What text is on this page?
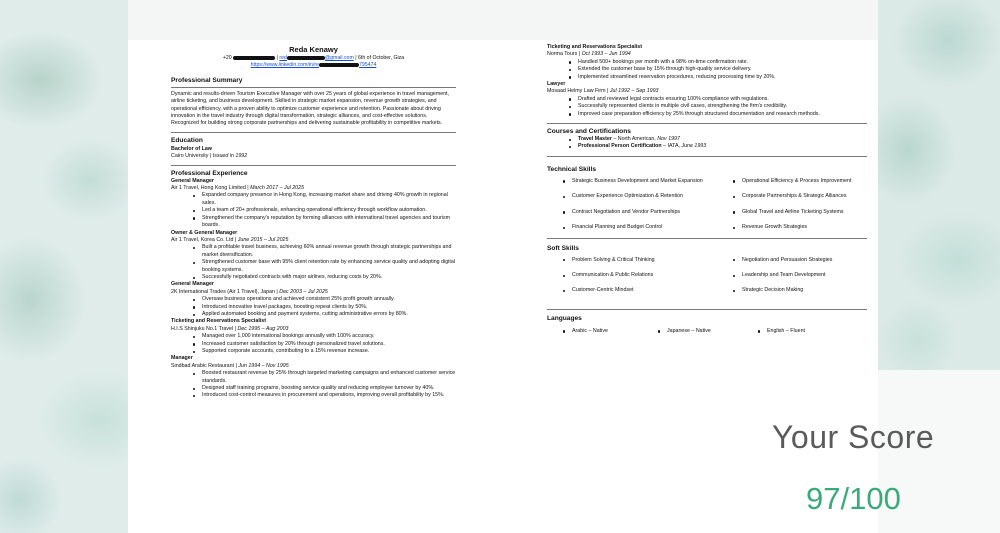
Reda Kenawy
+20	| red	@gmail.com | 6th of October, Giza
https://www.linkedin.com/in/re	795474
Professional Summary
Dynamic and results-driven Tourism Executive Manager with over 25 years of global experience in travel management, airline ticketing, and business development. Skilled in strategic market expansion, revenue growth strategies, and operational efficiency, with a proven ability to optimize customer experience and retention. Passionate about driving innovation in the travel industry through digital transformation, strategic alliances, and cost-effective solutions. Recognized for building strong corporate partnerships and delivering sustainable profitability in competitive markets.
Education
Bachelor of Law
Cairo University | Issued in 1992
Professional Experience
General Manager
Air 1 Travel, Hong Kong Limited | March 2017 – Jul 2025
Expanded company presence in Hong Kong, increasing market share and driving 40% growth in regional sales.
Led a team of 20+ professionals, enhancing operational efficiency through workflow automation.
Strengthened the company's reputation by forming alliances with international travel agencies and tourism boards.
Owner & General Manager
Air 1 Travel, Korea Co. Ltd | June 2015 – Jul 2025
Built a profitable travel business, achieving 60% annual revenue growth through strategic partnerships and market diversification.
Strengthened customer base with 95% client retention rate by enhancing service quality and adopting digital booking systems.
Successfully negotiated contracts with major airlines, reducing costs by 20%.
General Manager
2K International Trades (Air 1 Travel), Japan | Dec 2003 – Jul 2025
Oversaw business operations and achieved consistent 25% profit growth annually.
Introduced innovative travel packages, boosting repeat clients by 50%.
Applied automated booking and payment systems, cutting administrative errors by 80%.
Ticketing and Reservations Specialist
H.I.S Shinjuku No.1 Travel | Dec 1995 – Aug 2003
Managed over 1,000 international bookings annually with 100% accuracy.
Increased customer satisfaction by 20% through personalized travel solutions.
Supported corporate accounts, contributing to a 15% revenue increase.
Manager
Sindbad Arabic Restaurant | Jun 1994 – Nov 1995
Boosted restaurant revenue by 25% through targeted marketing campaigns and enhanced customer service standards.
Designed staff training programs, boosting service quality and reducing employee turnover by 40%.
Introduced cost-control measures in procurement and operations, improving overall profitability by 15%.
Ticketing and Reservations Specialist
Norma Tours | Oct 1993 – Jun 1994
Handled 500+ bookings per month with a 98% on-time confirmation rate.
Extended the customer base by 15% through high-quality service delivery.
Implemented streamlined reservation procedures, reducing processing time by 20%.
Lawyer
Mosaad Helmy Law Firm | Jul 1992 – Sep 1993
Drafted and reviewed legal contracts ensuring 100% compliance with regulations.
Successfully represented clients in multiple civil cases, strengthening the firm's credibility.
Improved case preparation efficiency by 25% through structured documentation and research methods.
Courses and Certifications
Travel Master – North American, Nov 1997
Professional Person Certification – IATA, June 1993
Technical Skills
Strategic Business Development and Market Expansion	Operational Efficiency & Process Improvement
Customer Experience Optimization & Retention	Corporate Partnerships & Strategic Alliances
Contract Negotiation and Vendor Partnerships	Global Travel and Airline Ticketing Systems
Financial Planning and Budget Control	Revenue Growth Strategies
Soft Skills
Problem Solving & Critical Thinking	Negotiation and Persuasion Strategies
Communication & Public Relations	Leadership and Team Development
Customer-Centric Mindset	Strategic Decision Making
Languages
Arabic – Native	Japanese – Native	English – Fluent
Your Score
97/100
